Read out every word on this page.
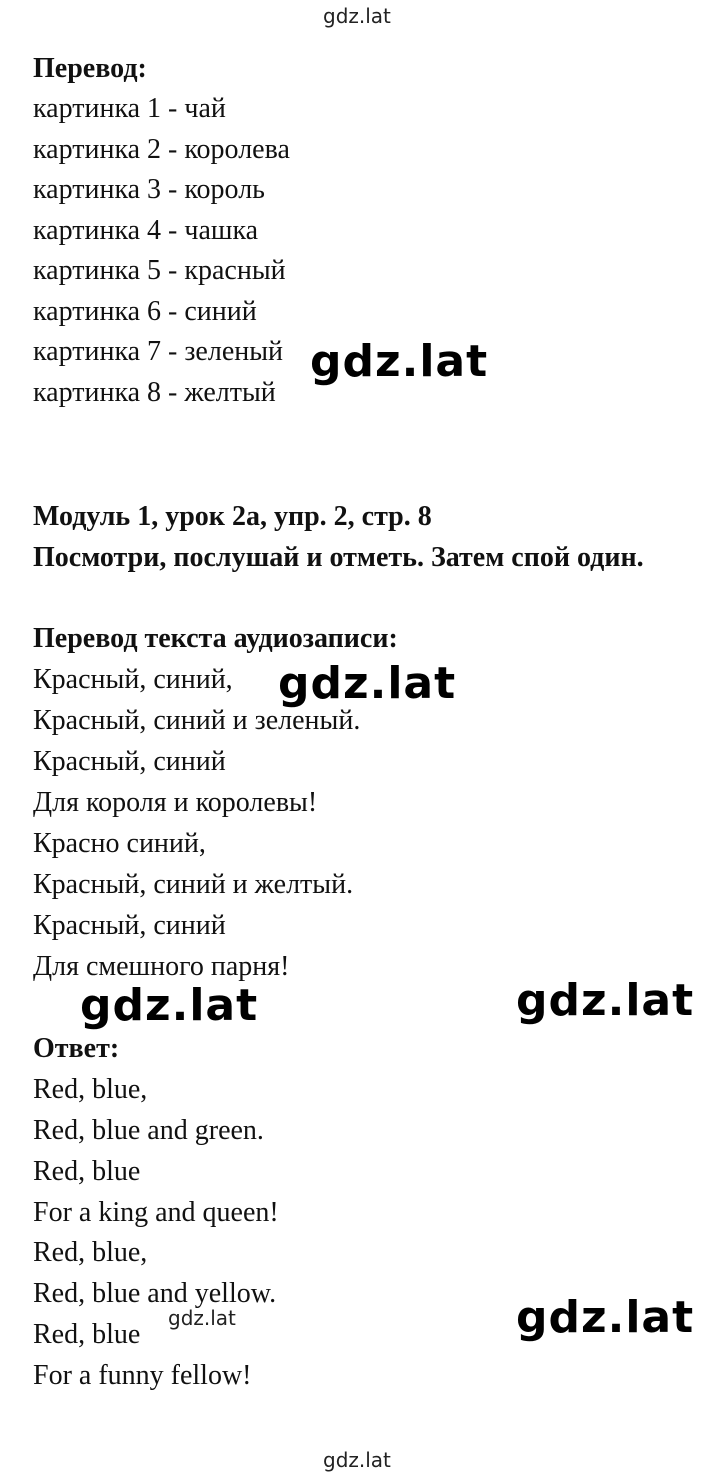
gdz.lat
Перевод:
картинка 1 - чай
картинка 2 - королева
картинка 3 - король
картинка 4 - чашка
картинка 5 - красный
картинка 6 - синий
картинка 7 - зеленый
картинка 8 - желтый
gdz.lat
Модуль 1, урок 2а, упр. 2, стр. 8
Посмотри, послушай и отметь. Затем спой один.
Перевод текста аудиозаписи:
Красный, синий,
Красный, синий и зеленый.
Красный, синий
Для короля и королевы!
Красно синий,
Красный, синий и желтый.
Красный, синий
Для смешного парня!
gdz.lat
gdz.lat	gdz.lat
Ответ:
Red, blue,
Red, blue and green.
Red, blue
For a king and queen!
Red, blue,
Red, blue and yellow.
Red, blue
For a funny fellow!
gdz.lat	gdz.lat
gdz.lat
